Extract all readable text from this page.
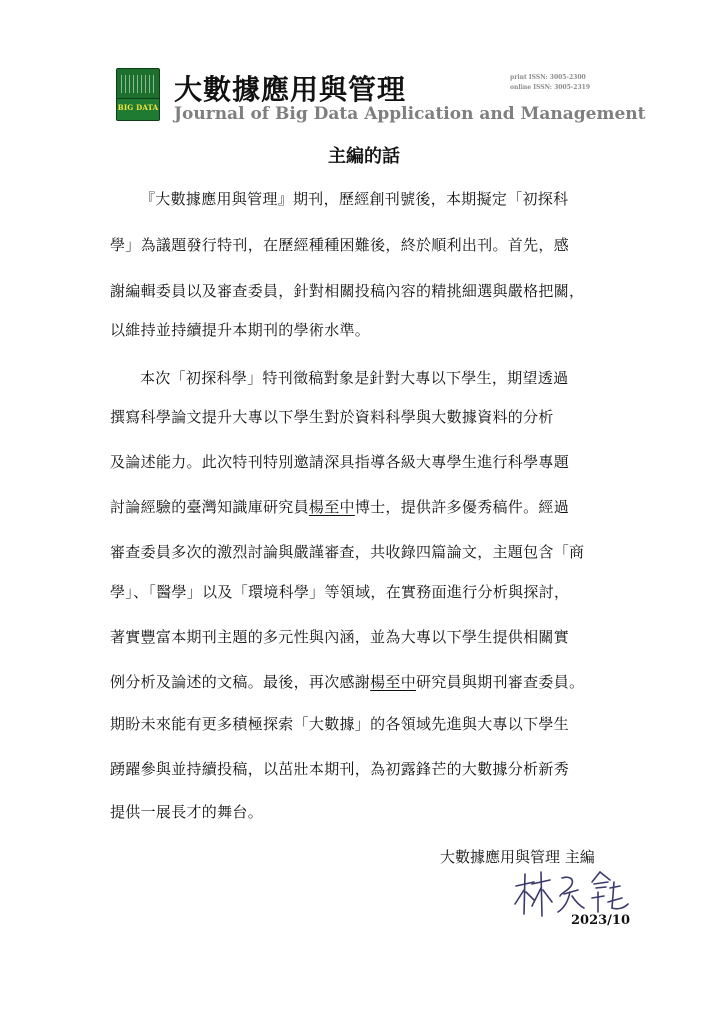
BIG DATA
大數據應用與管理
Journal of Big Data Application and Management
print ISSN: 3005-2300
online ISSN: 3005-2319
主編的話
『大數據應用與管理』期刊，歷經創刊號後，本期擬定「初探科
學」為議題發行特刊，在歷經種種困難後，終於順利出刊。首先，感
謝編輯委員以及審查委員，針對相關投稿內容的精挑細選與嚴格把關，
以維持並持續提升本期刊的學術水準。
本次「初探科學」特刊徵稿對象是針對大專以下學生，期望透過
撰寫科學論文提升大專以下學生對於資料科學與大數據資料的分析
及論述能力。此次特刊特別邀請深具指導各級大專學生進行科學專題
討論經驗的臺灣知識庫研究員楊至中博士，提供許多優秀稿件。經過
審查委員多次的激烈討論與嚴謹審查，共收錄四篇論文，主題包含「商
學」、「醫學」以及「環境科學」等領域，在實務面進行分析與探討，
著實豐富本期刊主題的多元性與內涵，並為大專以下學生提供相關實
例分析及論述的文稿。最後，再次感謝楊至中研究員與期刊審查委員。
期盼未來能有更多積極探索「大數據」的各領域先進與大專以下學生
踴躍參與並持續投稿，以茁壯本期刊，為初露鋒芒的大數據分析新秀
提供一展長才的舞台。
大數據應用與管理 主編
2023/10
